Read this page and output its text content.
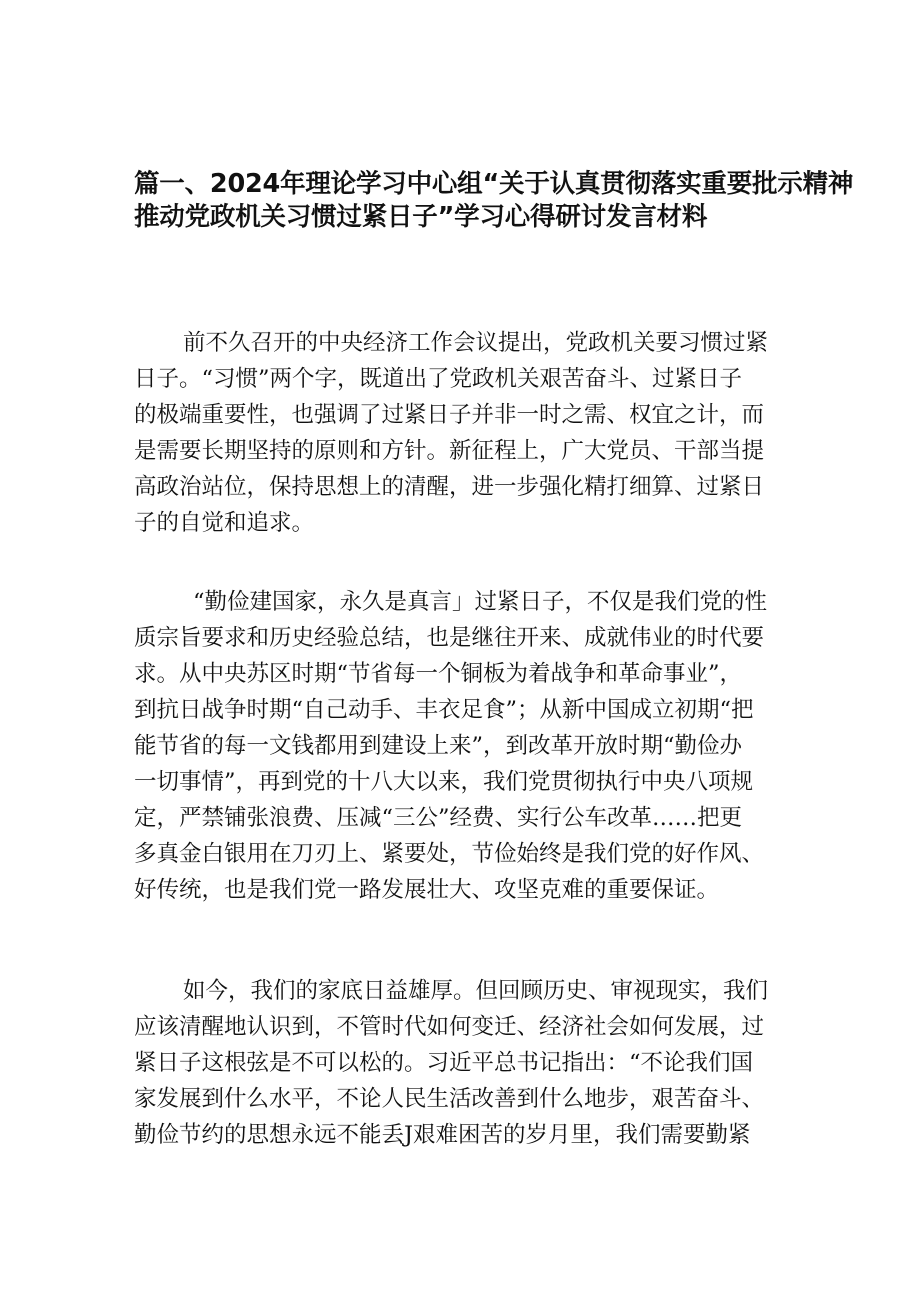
篇一、2024年理论学习中心组“关于认真贯彻落实重要批示精神
推动党政机关习惯过紧日子”学习心得研讨发言材料
前不久召开的中央经济工作会议提出，党政机关要习惯过紧
日子。“习惯”两个字，既道出了党政机关艰苦奋斗、过紧日子
的极端重要性，也强调了过紧日子并非一时之需、权宜之计，而
是需要长期坚持的原则和方针。新征程上，广大党员、干部当提
高政治站位，保持思想上的清醒，进一步强化精打细算、过紧日
子的自觉和追求。
“勤俭建国家，永久是真言」过紧日子，不仅是我们党的性
质宗旨要求和历史经验总结，也是继往开来、成就伟业的时代要
求。从中央苏区时期“节省每一个铜板为着战争和革命事业”，
到抗日战争时期“自己动手、丰衣足食”；从新中国成立初期“把
能节省的每一文钱都用到建设上来”，到改革开放时期“勤俭办
一切事情”，再到党的十八大以来，我们党贯彻执行中央八项规
定，严禁铺张浪费、压减“三公”经费、实行公车改革……把更
多真金白银用在刀刃上、紧要处，节俭始终是我们党的好作风、
好传统，也是我们党一路发展壮大、攻坚克难的重要保证。
如今，我们的家底日益雄厚。但回顾历史、审视现实，我们
应该清醒地认识到，不管时代如何变迁、经济社会如何发展，过
紧日子这根弦是不可以松的。习近平总书记指出：“不论我们国
家发展到什么水平，不论人民生活改善到什么地步，艰苦奋斗、
勤俭节约的思想永远不能丢J艰难困苦的岁月里，我们需要勤紧
